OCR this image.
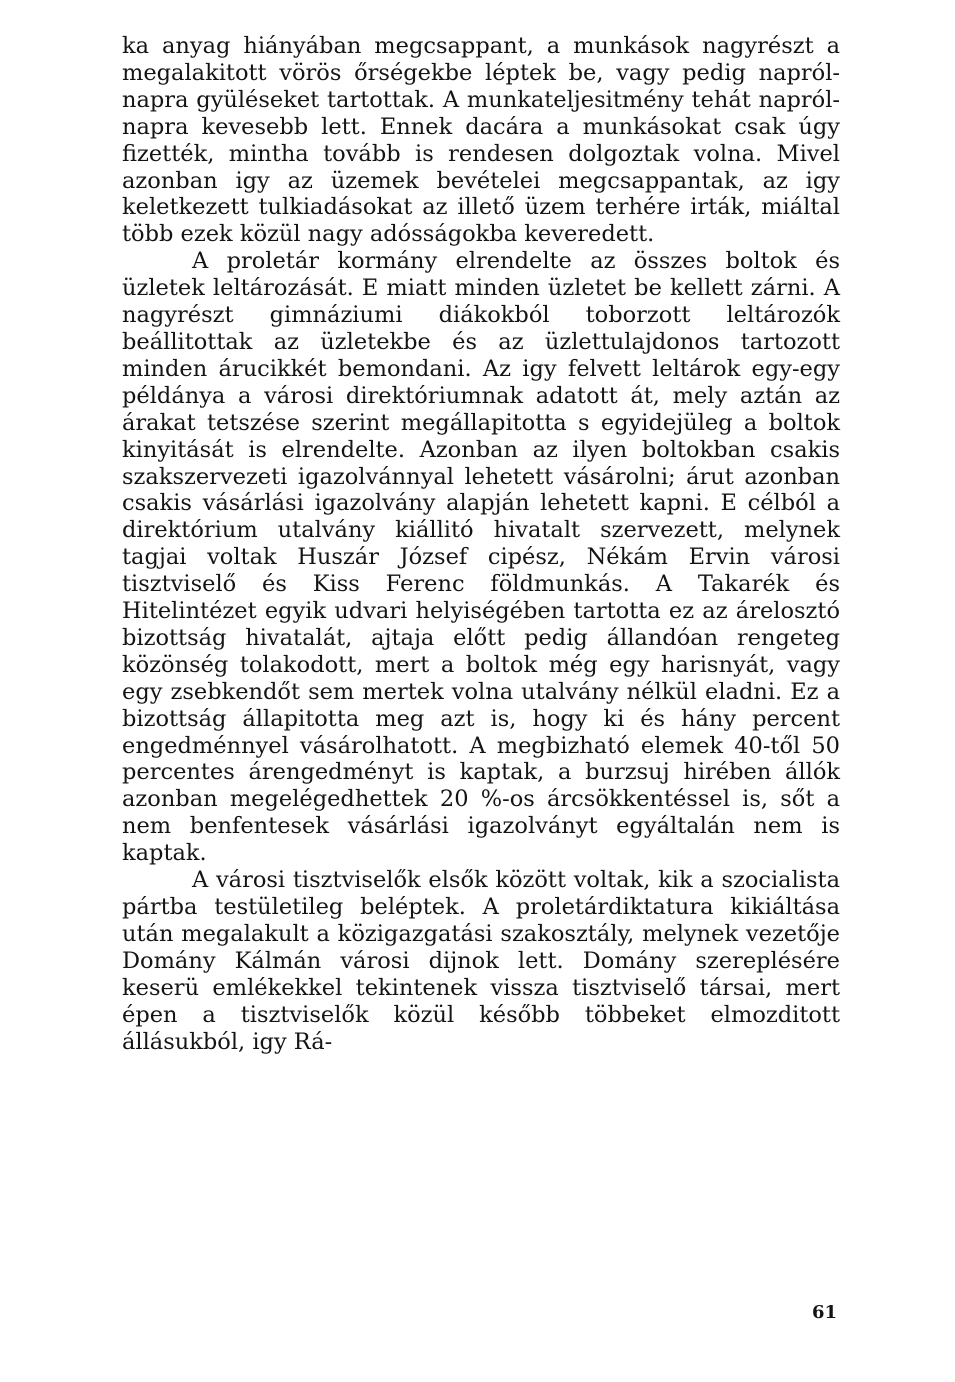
ka anyag hiányában megcsappant, a munkások nagyrészt a megalakitott vörös őrségekbe léptek be, vagy pedig napról-napra gyüléseket tartottak. A munkateljesitmény tehát napról-napra kevesebb lett. Ennek dacára a munkásokat csak úgy fizették, mintha tovább is rendesen dolgoztak volna. Mivel azonban igy az üzemek bevételei megcsappantak, az igy keletkezett tulkiadásokat az illető üzem terhére irták, miáltal több ezek közül nagy adósságokba keveredett.

A proletár kormány elrendelte az összes boltok és üzletek leltározását. E miatt minden üzletet be kellett zárni. A nagyrészt gimnáziumi diákokból toborzott leltározók beállitottak az üzletekbe és az üzlettulajdonos tartozott minden árucikkét bemondani. Az igy felvett leltárok egy-egy példánya a városi direktóriumnak adatott át, mely aztán az árakat tetszése szerint megállapitotta s egyidejüleg a boltok kinyitását is elrendelte. Azonban az ilyen boltokban csakis szakszervezeti igazolvánnyal lehetett vásárolni; árut azonban csakis vásárlási igazolvány alapján lehetett kapni. E célból a direktórium utalvány kiállitó hivatalt szervezett, melynek tagjai voltak Huszár József cipész, Nékám Ervin városi tisztviselő és Kiss Ferenc földmunkás. A Takarék és Hitelintézet egyik udvari helyiségében tartotta ez az árelosztó bizottság hivatalát, ajtaja előtt pedig állandóan rengeteg közönség tolakodott, mert a boltok még egy harisnyát, vagy egy zsebkendőt sem mertek volna utalvány nélkül eladni. Ez a bizottság állapitotta meg azt is, hogy ki és hány percent engedménnyel vásárolhatott. A megbizható elemek 40-től 50 percentes árengedményt is kaptak, a burzsuj hirében állók azonban megelégedhettek 20 %-os árcsökkentéssel is, sőt a nem benfentesek vásárlási igazolványt egyáltalán nem is kaptak.

A városi tisztviselők elsők között voltak, kik a szocialista pártba testületileg beléptek. A proletárdiktatura kikiáltása után megalakult a közigazgatási szakosztály, melynek vezetője Domány Kálmán városi dijnok lett. Domány szereplésére keserü emlékekkel tekintenek vissza tisztviselő társai, mert épen a tisztviselők közül később többeket elmozditott állásukból, igy Rá-

61
